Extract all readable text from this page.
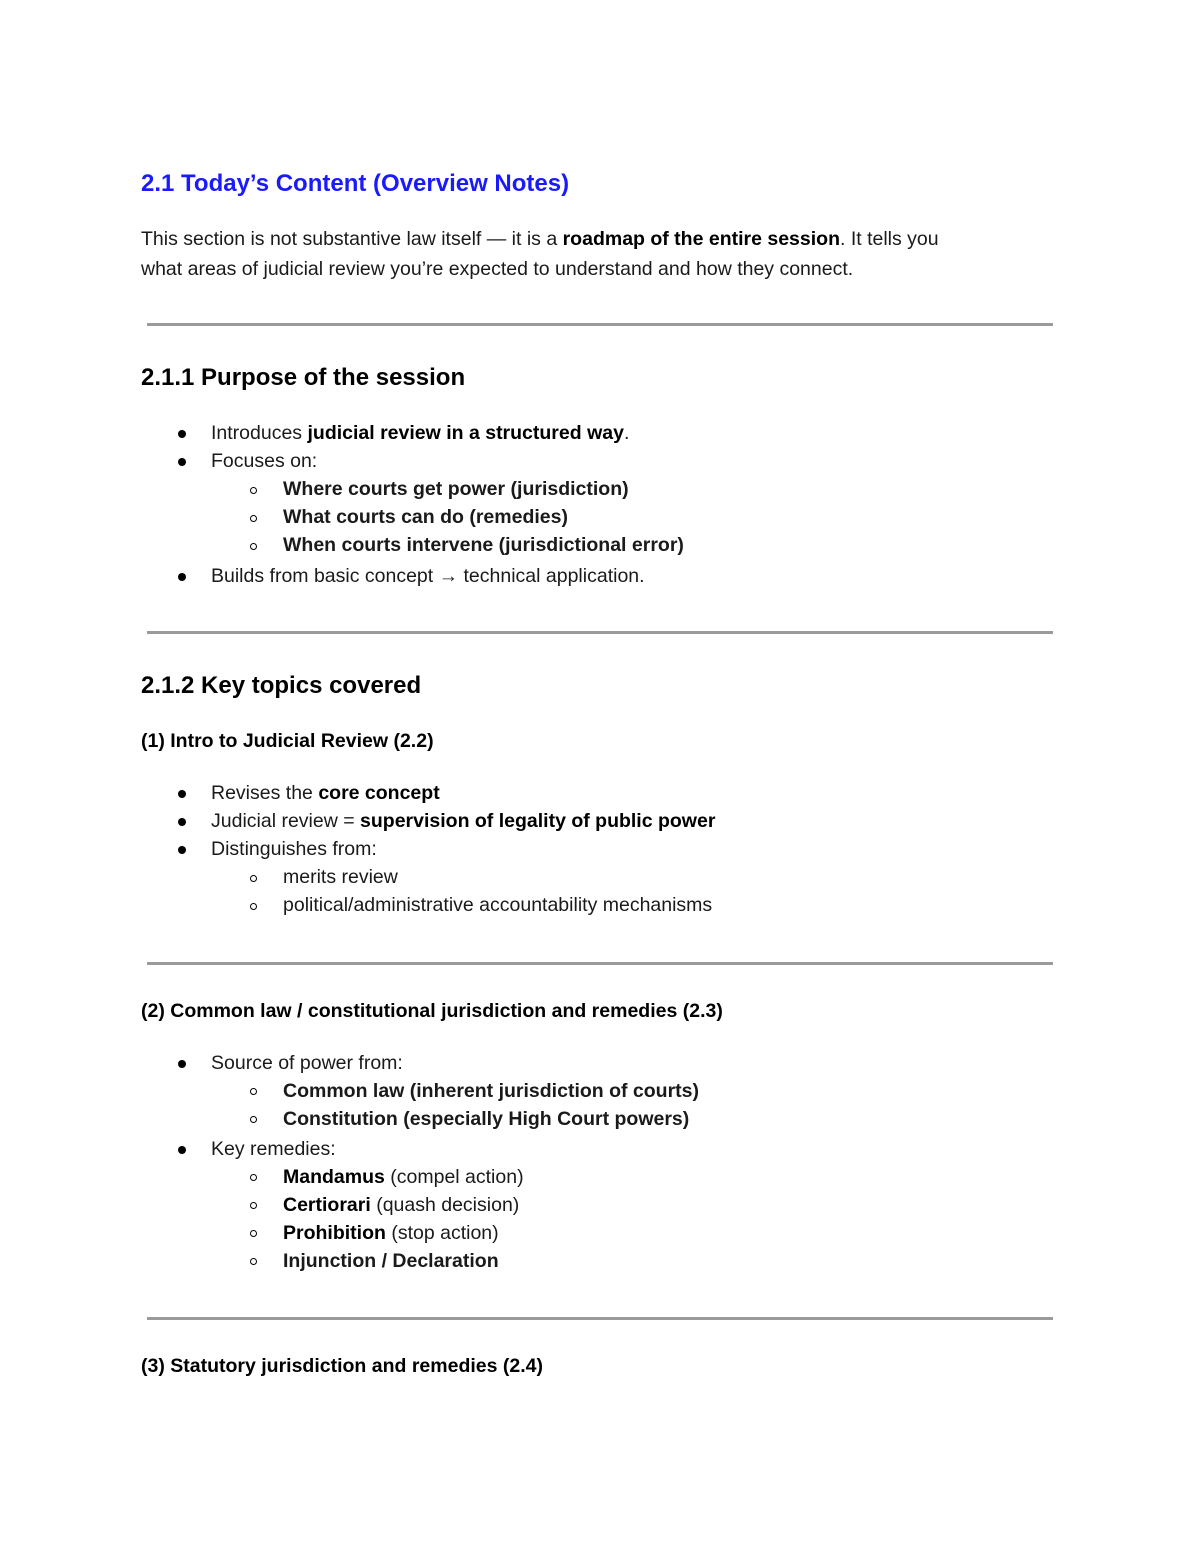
2.1 Today’s Content (Overview Notes)
This section is not substantive law itself — it is a roadmap of the entire session. It tells you
what areas of judicial review you’re expected to understand and how they connect.
2.1.1 Purpose of the session
Introduces judicial review in a structured way.
Focuses on:
Where courts get power (jurisdiction)
What courts can do (remedies)
When courts intervene (jurisdictional error)
Builds from basic concept → technical application.
2.1.2 Key topics covered
(1) Intro to Judicial Review (2.2)
Revises the core concept
Judicial review = supervision of legality of public power
Distinguishes from:
merits review
political/administrative accountability mechanisms
(2) Common law / constitutional jurisdiction and remedies (2.3)
Source of power from:
Common law (inherent jurisdiction of courts)
Constitution (especially High Court powers)
Key remedies:
Mandamus (compel action)
Certiorari (quash decision)
Prohibition (stop action)
Injunction / Declaration
(3) Statutory jurisdiction and remedies (2.4)
